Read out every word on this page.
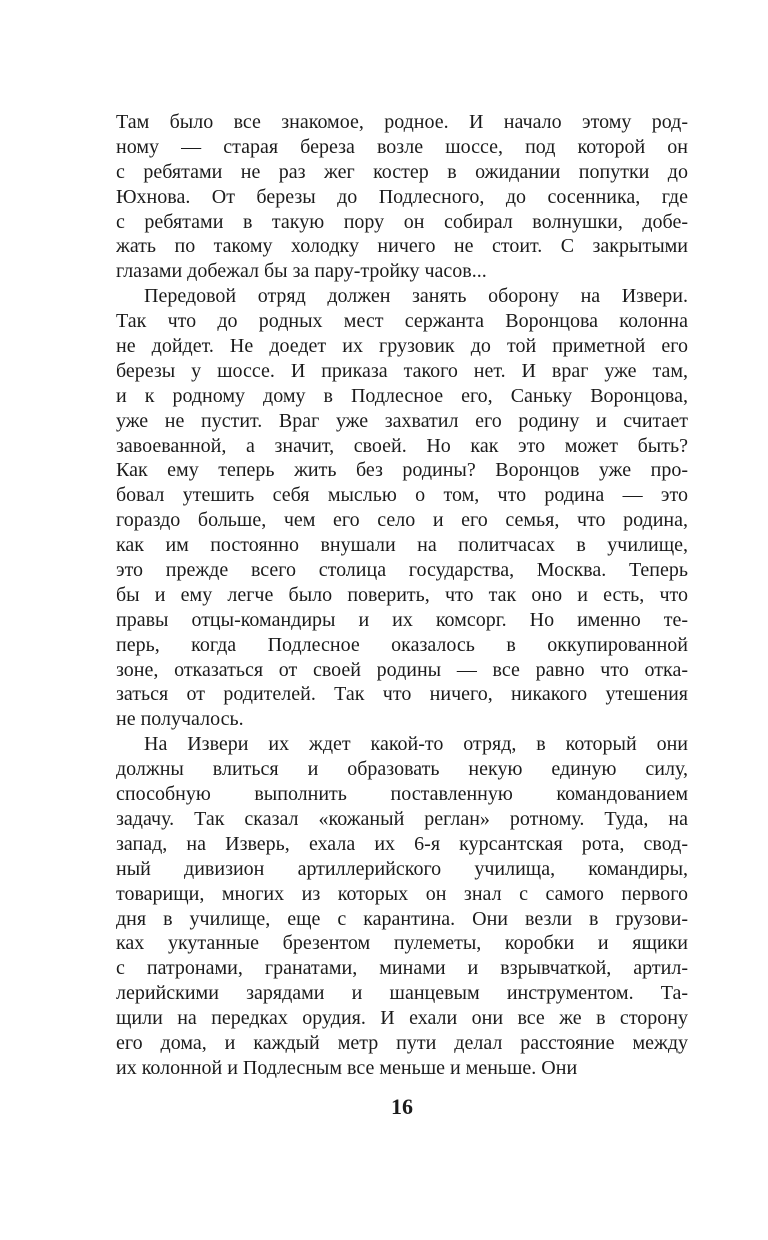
Там было все знакомое, родное. И начало этому род-
ному — старая береза возле шоссе, под которой он
с ребятами не раз жег костер в ожидании попутки до
Юхнова. От березы до Подлесного, до сосенника, где
с ребятами в такую пору он собирал волнушки, добе-
жать по такому холодку ничего не стоит. С закрытыми
глазами добежал бы за пару-тройку часов...
Передовой отряд должен занять оборону на Извери.
Так что до родных мест сержанта Воронцова колонна
не дойдет. Не доедет их грузовик до той приметной его
березы у шоссе. И приказа такого нет. И враг уже там,
и к родному дому в Подлесное его, Саньку Воронцова,
уже не пустит. Враг уже захватил его родину и считает
завоеванной, а значит, своей. Но как это может быть?
Как ему теперь жить без родины? Воронцов уже про-
бовал утешить себя мыслью о том, что родина — это
гораздо больше, чем его село и его семья, что родина,
как им постоянно внушали на политчасах в училище,
это прежде всего столица государства, Москва. Теперь
бы и ему легче было поверить, что так оно и есть, что
правы отцы-командиры и их комсорг. Но именно те-
перь, когда Подлесное оказалось в оккупированной
зоне, отказаться от своей родины — все равно что отка-
заться от родителей. Так что ничего, никакого утешения
не получалось.
На Извери их ждет какой-то отряд, в который они
должны влиться и образовать некую единую силу,
способную выполнить поставленную командованием
задачу. Так сказал «кожаный реглан» ротному. Туда, на
запад, на Изверь, ехала их 6-я курсантская рота, свод-
ный дивизион артиллерийского училища, командиры,
товарищи, многих из которых он знал с самого первого
дня в училище, еще с карантина. Они везли в грузови-
ках укутанные брезентом пулеметы, коробки и ящики
с патронами, гранатами, минами и взрывчаткой, артил-
лерийскими зарядами и шанцевым инструментом. Та-
щили на передках орудия. И ехали они все же в сторону
его дома, и каждый метр пути делал расстояние между
их колонной и Подлесным все меньше и меньше. Они
16
